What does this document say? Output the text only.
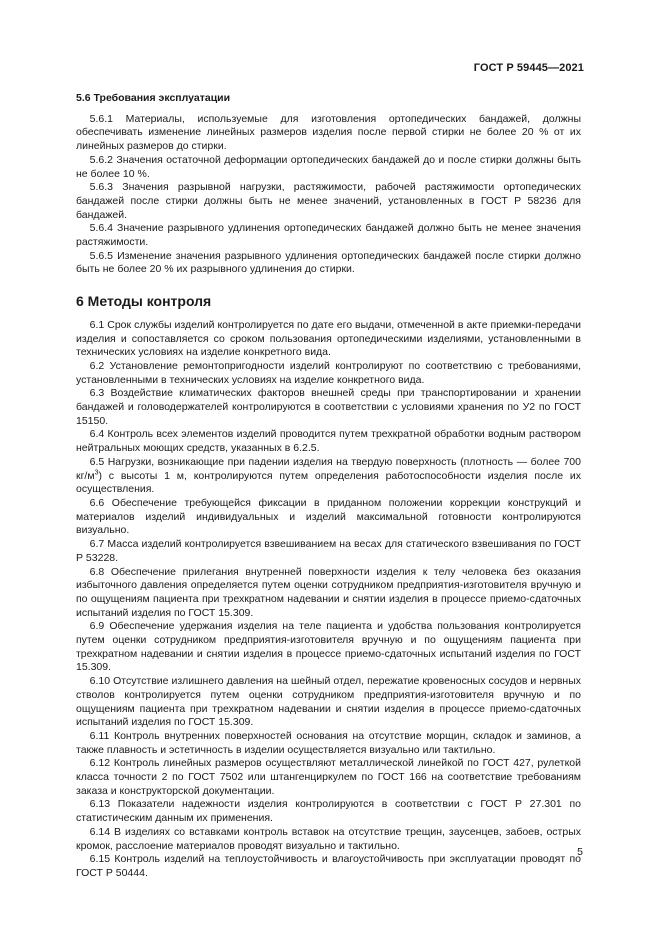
ГОСТ Р 59445—2021
5.6 Требования эксплуатации

5.6.1 Материалы, используемые для изготовления ортопедических бандажей, должны обеспечивать изменение линейных размеров изделия после первой стирки не более 20 % от их линейных размеров до стирки.

5.6.2 Значения остаточной деформации ортопедических бандажей до и после стирки должны быть не более 10 %.

5.6.3 Значения разрывной нагрузки, растяжимости, рабочей растяжимости ортопедических бандажей после стирки должны быть не менее значений, установленных в ГОСТ Р 58236 для бандажей.

5.6.4 Значение разрывного удлинения ортопедических бандажей должно быть не менее значения растяжимости.

5.6.5 Изменение значения разрывного удлинения ортопедических бандажей после стирки должно быть не более 20 % их разрывного удлинения до стирки.

6 Методы контроля

6.1 Срок службы изделий контролируется по дате его выдачи, отмеченной в акте приемки-передачи изделия и сопоставляется со сроком пользования ортопедическими изделиями, установленными в технических условиях на изделие конкретного вида.

6.2 Установление ремонтопригодности изделий контролируют по соответствию с требованиями, установленными в технических условиях на изделие конкретного вида.

6.3 Воздействие климатических факторов внешней среды при транспортировании и хранении бандажей и головодержателей контролируются в соответствии с условиями хранения по У2 по ГОСТ 15150.

6.4 Контроль всех элементов изделий проводится путем трехкратной обработки водным раствором нейтральных моющих средств, указанных в 6.2.5.

6.5 Нагрузки, возникающие при падении изделия на твердую поверхность (плотность — более 700 $кг/м^3$) с высоты 1 м, контролируются путем определения работоспособности изделия после их осуществления.

6.6 Обеспечение требующейся фиксации в приданном положении коррекции конструкций и материалов изделий индивидуальных и изделий максимальной готовности контролируются визуально.

6.7 Масса изделий контролируется взвешиванием на весах для статического взвешивания по ГОСТ Р 53228.

6.8 Обеспечение прилегания внутренней поверхности изделия к телу человека без оказания избыточного давления определяется путем оценки сотрудником предприятия-изготовителя вручную и по ощущениям пациента при трехкратном надевании и снятии изделия в процессе приемо-сдаточных испытаний изделия по ГОСТ 15.309.

6.9 Обеспечение удержания изделия на теле пациента и удобства пользования контролируется путем оценки сотрудником предприятия-изготовителя вручную и по ощущениям пациента при трехкратном надевании и снятии изделия в процессе приемо-сдаточных испытаний изделия по ГОСТ 15.309.

6.10 Отсутствие излишнего давления на шейный отдел, пережатие кровеносных сосудов и нервных стволов контролируется путем оценки сотрудником предприятия-изготовителя вручную и по ощущениям пациента при трехкратном надевании и снятии изделия в процессе приемо-сдаточных испытаний изделия по ГОСТ 15.309.

6.11 Контроль внутренних поверхностей основания на отсутствие морщин, складок и заминов, а также плавность и эстетичность в изделии осуществляется визуально или тактильно.

6.12 Контроль линейных размеров осуществляют металлической линейкой по ГОСТ 427, рулеткой класса точности 2 по ГОСТ 7502 или штангенциркулем по ГОСТ 166 на соответствие требованиям заказа и конструкторской документации.

6.13 Показатели надежности изделия контролируются в соответствии с ГОСТ Р 27.301 по статистическим данным их применения.

6.14 В изделиях со вставками контроль вставок на отсутствие трещин, заусенцев, забоев, острых кромок, расслоение материалов проводят визуально и тактильно.

6.15 Контроль изделий на теплоустойчивость и влагоустойчивость при эксплуатации проводят по ГОСТ Р 50444.

5
